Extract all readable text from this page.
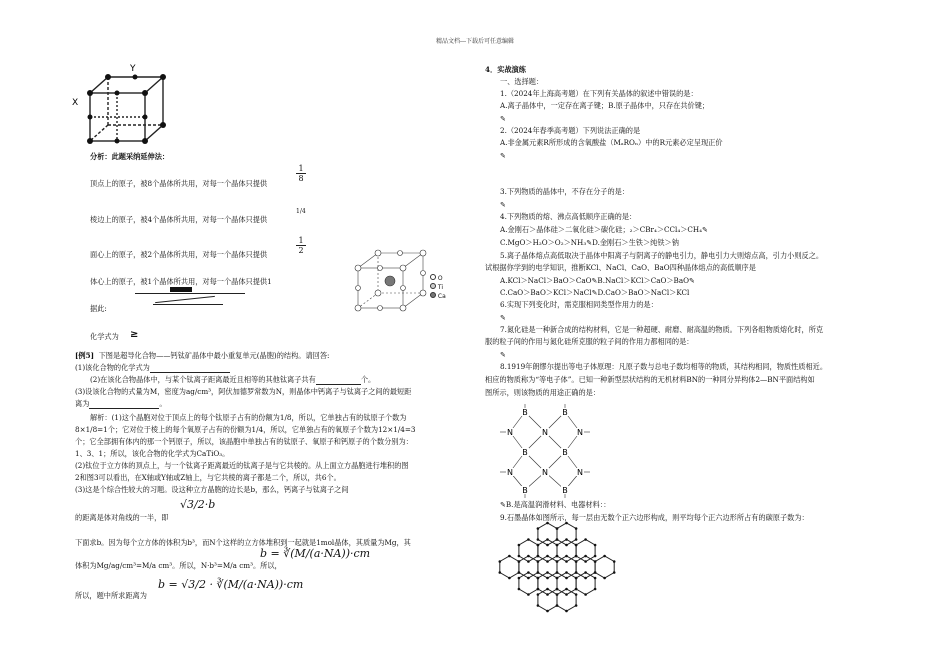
精品文档---下载后可任意编辑
Y
X
分析：此题采纳延伸法：
顶点上的原子，被8个晶体所共用，对每一个晶体只提供
$\frac{1}{8}$
棱边上的原子，被4个晶体所共用，对每一个晶体只提供
1/4
面心上的原子，被2个晶体所共用，对每一个晶体只提供	$\frac{1}{2}$
体心上的原子，被1个晶体所共用，对每一个晶体只提供1
据此:
化学式为 ≥
O
Ti
Ca
[例5] 下图是超导化合物——钙钛矿晶体中最小重复单元(晶胞)的结构。请回答:
(1)该化合物的化学式为
(2)在该化合物晶体中，与某个钛离子距离最近且相等的其他钛离子共有	个。
(3)设该化合物的式量为M，密度为ag/cm³，阿伏加德罗常数为N，则晶体中钙离子与钛离子之间的最短距
离为	。
解析：(1)这个晶胞对位于顶点上的每个钛原子占有的份额为1/8，所以，它单独占有的钛原子个数为
8×1/8=1个；它对位于棱上的每个氧原子占有的份额为1/4，所以，它单独占有的氧原子个数为12×1/4=3
个；它全部拥有体内的那一个钙原子，所以，该晶胞中单独占有的钛原子、氧原子和钙原子的个数分别为：
1、3、1；所以，该化合物的化学式为CaTiO₃。
(2)钛位于立方体的顶点上，与一个钛离子距离最近的钛离子是与它共棱的。从上面立方晶胞进行堆积的图
2和图3可以看出，在X轴或Y轴或Z轴上，与它共棱的离子都是二个，所以，共6个。
(3)这是个综合性较大的习题。设这种立方晶胞的边长是b，那么，钙离子与钛离子之间
的距离是体对角线的一半，即
√3/2·b
下面求b。因为每个立方体的体积为b³，而N个这样的立方体堆积到一起就是1mol晶体，其质量为Mg，其
体积为Mg/ag/cm³=M/a cm³。所以，N·b³=M/a cm³。所以，
b = ∛(M/(a·NA))·cm
所以，题中所求距离为
b = √3/2 · ∛(M/(a·NA))·cm
4．实战演练
一、选择题：
1.（2024年上海高考题）在下列有关晶体的叙述中错误的是：
A.离子晶体中，一定存在离子键；B.原子晶体中，只存在共价键；
✎
2.（2024年春季高考题）下列说法正确的是
A.非金属元素R所形成的含氧酸盐（MₐROₙ）中的R元素必定呈现正价
✎
3.下列物质的晶体中，不存在分子的是：
✎
4.下列物质的熔、沸点高低顺序正确的是：
A.金刚石＞晶体硅＞二氧化硅＞碳化硅；₂＞CBr₄＞CCl₄＞CH₄✎
C.MgO＞H₂O＞O₂＞NH₃✎D.金刚石＞生铁＞纯铁＞钠
5.离子晶体熔点高低取决于晶体中阳离子与阴离子的静电引力，静电引力大则熔点高，引力小则反之。
试根据你学到的电学知识，推断KCl、NaCl、CaO、BaO四种晶体熔点的高低顺序是
A.KCl＞NaCl＞BaO＞CaO✎B.NaCl＞KCl＞CaO＞BaO✎
C.CaO＞BaO＞KCl＞NaCl✎D.CaO＞BaO＞NaCl＞KCl
6.实现下列变化时，需克服相同类型作用力的是：
✎
7.氮化硅是一种新合成的结构材料，它是一种超硬、耐磨、耐高温的物质。下列各组物质熔化时，所克
服的粒子间的作用与氮化硅所克服的粒子间的作用力都相同的是：
✎
8.1919年朗缪尔提出等电子体原理：凡原子数与总电子数均相等的物质，其结构相同，物质性质相近。
相应的物质称为“等电子体”。已知一种新型层状结构的无机材料BN的一种同分异构体2—BN平面结构如
图所示，则该物质的用途正确的是：
B	B
N	N	N
B	B
N	N	N
B	B
✎B.是高温润滑材料、电器材料：：
9.石墨晶体如图所示，每一层由无数个正六边形构成，则平均每个正六边形所占有的碳原子数为：
